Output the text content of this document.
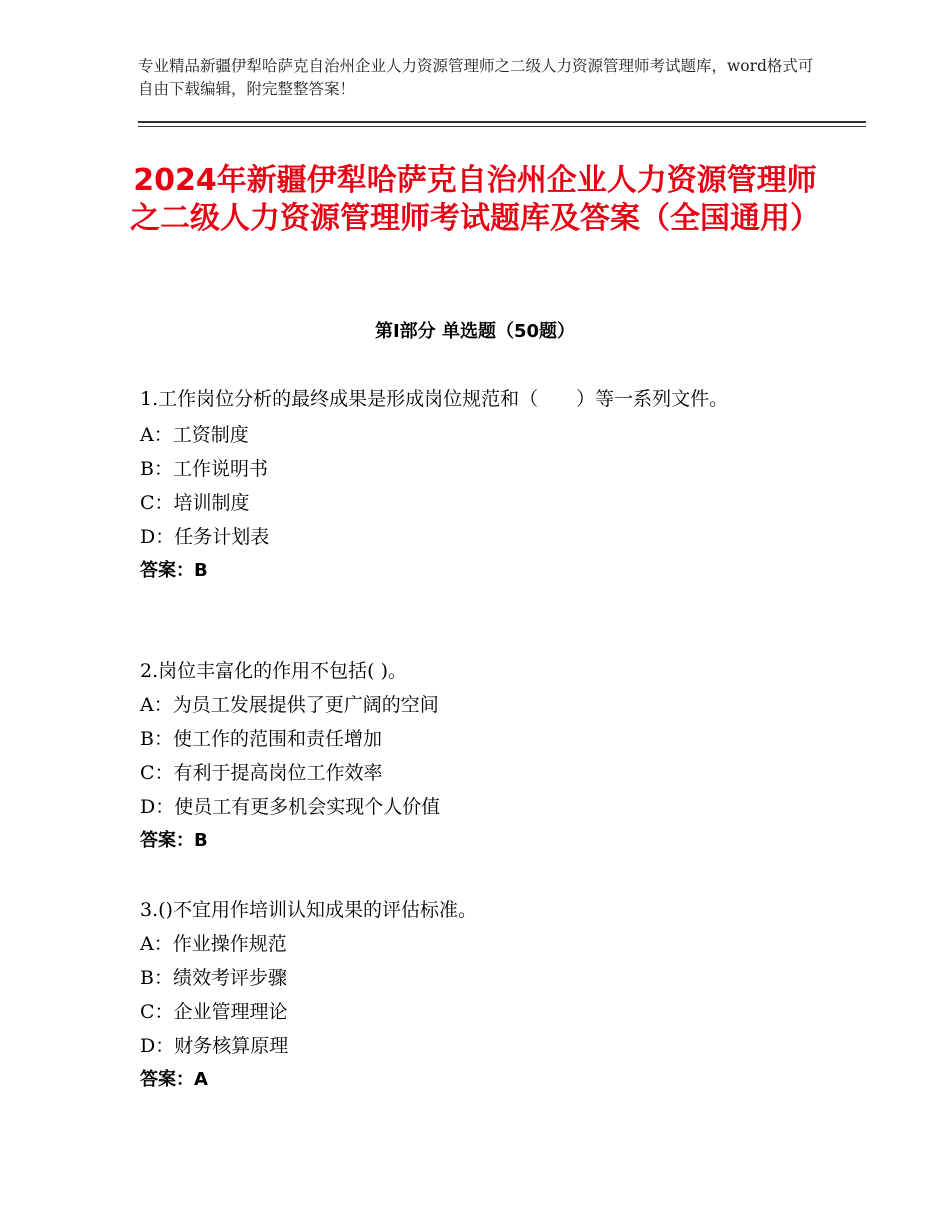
专业精品新疆伊犁哈萨克自治州企业人力资源管理师之二级人力资源管理师考试题库，word格式可自由下载编辑，附完整整答案！
2024年新疆伊犁哈萨克自治州企业人力资源管理师之二级人力资源管理师考试题库及答案（全国通用）
第Ⅰ部分 单选题（50题）

1.工作岗位分析的最终成果是形成岗位规范和（　　）等一系列文件。

A：工资制度

B：工作说明书

C：培训制度

D：任务计划表

答案：B

2.岗位丰富化的作用不包括( )。

A：为员工发展提供了更广阔的空间

B：使工作的范围和责任增加

C：有利于提高岗位工作效率

D：使员工有更多机会实现个人价值

答案：B

3.()不宜用作培训认知成果的评估标准。

A：作业操作规范

B：绩效考评步骤

C：企业管理理论

D：财务核算原理

答案：A
